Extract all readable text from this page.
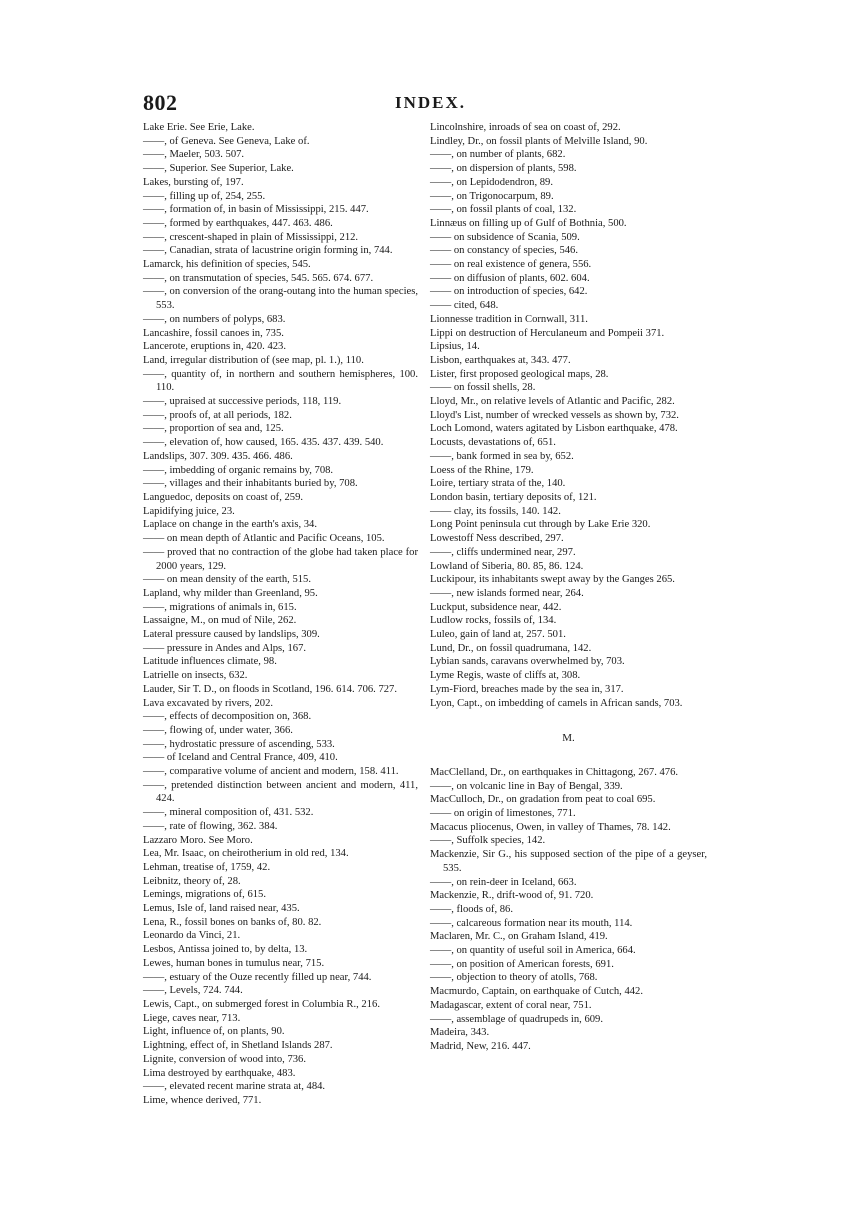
802	INDEX.

Lake Erie. See Erie, Lake.

——, of Geneva. See Geneva, Lake of.

——, Maeler, 503. 507.

——, Superior. See Superior, Lake.

Lakes, bursting of, 197.

——, filling up of, 254, 255.

——, formation of, in basin of Mississippi, 215. 447.

——, formed by earthquakes, 447. 463. 486.

——, crescent-shaped in plain of Mississippi, 212.

——, Canadian, strata of lacustrine origin forming in, 744.

Lamarck, his definition of species, 545.

——, on transmutation of species, 545. 565. 674. 677.

——, on conversion of the orang-outang into the human species, 553.

——, on numbers of polyps, 683.

Lancashire, fossil canoes in, 735.

Lancerote, eruptions in, 420. 423.

Land, irregular distribution of (see map, pl. 1.), 110.

——, quantity of, in northern and southern hemispheres, 100. 110.

——, upraised at successive periods, 118, 119.

——, proofs of, at all periods, 182.

——, proportion of sea and, 125.

——, elevation of, how caused, 165. 435. 437. 439. 540.

Landslips, 307. 309. 435. 466. 486.

——, imbedding of organic remains by, 708.

——, villages and their inhabitants buried by, 708.

Languedoc, deposits on coast of, 259.

Lapidifying juice, 23.

Laplace on change in the earth's axis, 34.

—— on mean depth of Atlantic and Pacific Oceans, 105.

—— proved that no contraction of the globe had taken place for 2000 years, 129.

—— on mean density of the earth, 515.

Lapland, why milder than Greenland, 95.

——, migrations of animals in, 615.

Lassaigne, M., on mud of Nile, 262.

Lateral pressure caused by landslips, 309.

—— pressure in Andes and Alps, 167.

Latitude influences climate, 98.

Latrielle on insects, 632.

Lauder, Sir T. D., on floods in Scotland, 196. 614. 706. 727.

Lava excavated by rivers, 202.

——, effects of decomposition on, 368.

——, flowing of, under water, 366.

——, hydrostatic pressure of ascending, 533.

—— of Iceland and Central France, 409, 410.

——, comparative volume of ancient and modern, 158. 411.

——, pretended distinction between ancient and modern, 411, 424.

——, mineral composition of, 431. 532.

——, rate of flowing, 362. 384.

Lazzaro Moro. See Moro.

Lea, Mr. Isaac, on cheirotherium in old red, 134.

Lehman, treatise of, 1759, 42.

Leibnitz, theory of, 28.

Lemings, migrations of, 615.

Lemus, Isle of, land raised near, 435.

Lena, R., fossil bones on banks of, 80. 82.

Leonardo da Vinci, 21.

Lesbos, Antissa joined to, by delta, 13.

Lewes, human bones in tumulus near, 715.

——, estuary of the Ouze recently filled up near, 744.

——, Levels, 724. 744.

Lewis, Capt., on submerged forest in Columbia R., 216.

Liege, caves near, 713.

Light, influence of, on plants, 90.

Lightning, effect of, in Shetland Islands 287.

Lignite, conversion of wood into, 736.

Lima destroyed by earthquake, 483.

——, elevated recent marine strata at, 484.

Lime, whence derived, 771.

Lincolnshire, inroads of sea on coast of, 292.

Lindley, Dr., on fossil plants of Melville Island, 90.

——, on number of plants, 682.

——, on dispersion of plants, 598.

——, on Lepidodendron, 89.

——, on Trigonocarpum, 89.

——, on fossil plants of coal, 132.

Linnæus on filling up of Gulf of Bothnia, 500.

—— on subsidence of Scania, 509.

—— on constancy of species, 546.

—— on real existence of genera, 556.

—— on diffusion of plants, 602. 604.

—— on introduction of species, 642.

—— cited, 648.

Lionnesse tradition in Cornwall, 311.

Lippi on destruction of Herculaneum and Pompeii 371.

Lipsius, 14.

Lisbon, earthquakes at, 343. 477.

Lister, first proposed geological maps, 28.

—— on fossil shells, 28.

Lloyd, Mr., on relative levels of Atlantic and Pacific, 282.

Lloyd's List, number of wrecked vessels as shown by, 732.

Loch Lomond, waters agitated by Lisbon earthquake, 478.

Locusts, devastations of, 651.

——, bank formed in sea by, 652.

Loess of the Rhine, 179.

Loire, tertiary strata of the, 140.

London basin, tertiary deposits of, 121.

—— clay, its fossils, 140. 142.

Long Point peninsula cut through by Lake Erie 320.

Lowestoff Ness described, 297.

——, cliffs undermined near, 297.

Lowland of Siberia, 80. 85, 86. 124.

Luckipour, its inhabitants swept away by the Ganges 265.

——, new islands formed near, 264.

Luckput, subsidence near, 442.

Ludlow rocks, fossils of, 134.

Luleo, gain of land at, 257. 501.

Lund, Dr., on fossil quadrumana, 142.

Lybian sands, caravans overwhelmed by, 703.

Lyme Regis, waste of cliffs at, 308.

Lym-Fiord, breaches made by the sea in, 317.

Lyon, Capt., on imbedding of camels in African sands, 703.

M.

MacClelland, Dr., on earthquakes in Chittagong, 267. 476.

——, on volcanic line in Bay of Bengal, 339.

MacCulloch, Dr., on gradation from peat to coal 695.

—— on origin of limestones, 771.

Macacus pliocenus, Owen, in valley of Thames, 78. 142.

——, Suffolk species, 142.

Mackenzie, Sir G., his supposed section of the pipe of a geyser, 535.

——, on rein-deer in Iceland, 663.

Mackenzie, R., drift-wood of, 91. 720.

——, floods of, 86.

——, calcareous formation near its mouth, 114.

Maclaren, Mr. C., on Graham Island, 419.

——, on quantity of useful soil in America, 664.

——, on position of American forests, 691.

——, objection to theory of atolls, 768.

Macmurdo, Captain, on earthquake of Cutch, 442.

Madagascar, extent of coral near, 751.

——, assemblage of quadrupeds in, 609.

Madeira, 343.

Madrid, New, 216. 447.
